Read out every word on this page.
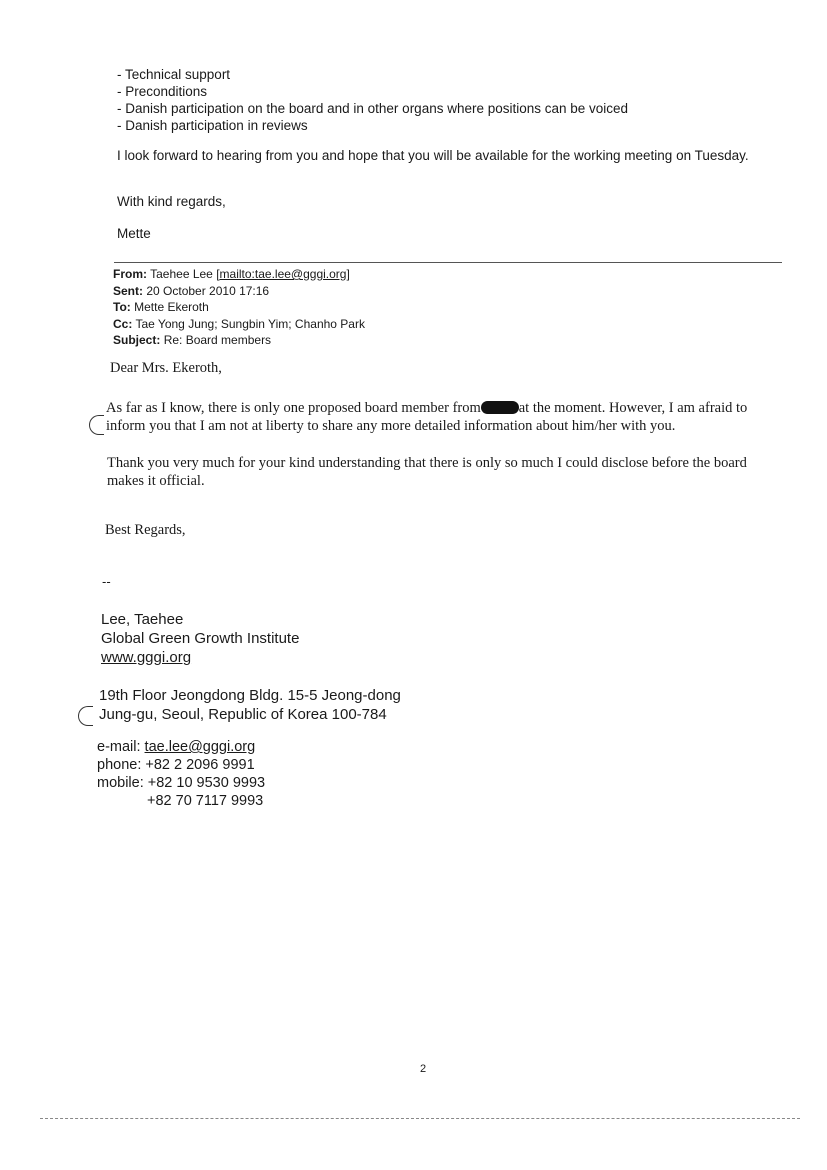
- Technical support
- Preconditions
- Danish participation on the board and in other organs where positions can be voiced
- Danish participation in reviews
I look forward to hearing from you and hope that you will be available for the working meeting on Tuesday.
With kind regards,
Mette
From: Taehee Lee [mailto:tae.lee@gggi.org]
Sent: 20 October 2010 17:16
To: Mette Ekeroth
Cc: Tae Yong Jung; Sungbin Yim; Chanho Park
Subject: Re: Board members
Dear Mrs. Ekeroth,
As far as I know, there is only one proposed board member from	at the moment. However, I am afraid to inform you that I am not at liberty to share any more detailed information about him/her with you.
Thank you very much for your kind understanding that there is only so much I could disclose before the board makes it official.
Best Regards,
--
Lee, Taehee
Global Green Growth Institute
www.gggi.org
19th Floor Jeongdong Bldg. 15-5 Jeong-dong
Jung-gu, Seoul, Republic of Korea 100-784
e-mail: tae.lee@gggi.org
phone: +82 2 2096 9991
mobile: +82 10 9530 9993
+82 70 7117 9993
2
